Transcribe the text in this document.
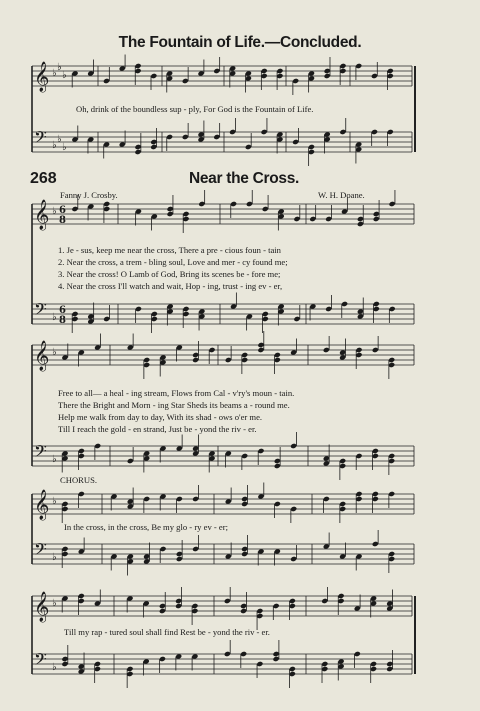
The Fountain of Life.—Concluded.
268	Near the Cross.
Fanny J. Crosby.	W. H. Doane.
Oh, drink of the boundless sup - ply, For God is the Fountain of Life.
1. Je - sus, keep me near the cross, There a pre - cious foun - tain
2. Near the cross, a trem - bling soul, Love and mer - cy found me;
3. Near the cross! O Lamb of God, Bring its scenes be - fore me;
4. Near the cross I'll watch and wait, Hop - ing, trust - ing ev - er,
Free to all— a heal - ing stream, Flows from Cal - v'ry's moun - tain.
There the Bright and Morn - ing Star Sheds its beams a - round me.
Help me walk from day to day, With its shad - ows o'er me.
Till I reach the gold - en strand, Just be - yond the riv - er.
CHORUS.
In the cross, in the cross, Be my glo - ry ev - er;
Till my rap - tured soul shall find Rest be - yond the riv - er.
𝄞 ♭
♭
♭
𝄢 ♭
♭
♭
𝄞 ♭ 6
8
𝄢 ♭
6
8
𝄞 ♭
𝄢 ♭
𝄞 ♭
𝄢 ♭
𝄞 ♭
𝄢 ♭
